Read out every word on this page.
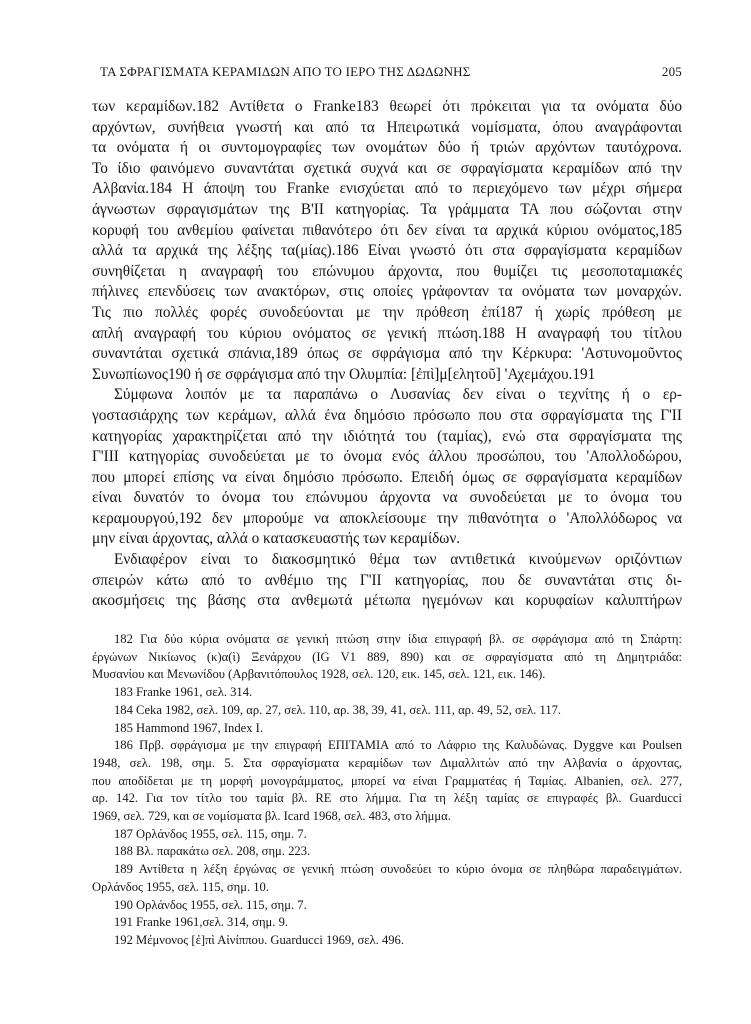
ΤΑ ΣΦΡΑΓΙΣΜΑΤΑ ΚΕΡΑΜΙΔΩΝ ΑΠΟ ΤΟ ΙΕΡΟ ΤΗΣ ΔΩΔΩΝΗΣ	205
των κεραμίδων.182 Αντίθετα ο Franke183 θεωρεί ότι πρόκειται για τα ονόματα δύο
αρχόντων, συνήθεια γνωστή και από τα Ηπειρωτικά νομίσματα, όπου αναγράφονται
τα ονόματα ή οι συντομογραφίες των ονομάτων δύο ή τριών αρχόντων ταυτόχρονα.
Το ίδιο φαινόμενο συναντάται σχετικά συχνά και σε σφραγίσματα κεραμίδων από την
Αλβανία.184 Η άποψη του Franke ενισχύεται από το περιεχόμενο των μέχρι σήμερα
άγνωστων σφραγισμάτων της Β'ΙΙ κατηγορίας. Τα γράμματα ΤΑ που σώζονται στην
κορυφή του ανθεμίου φαίνεται πιθανότερο ότι δεν είναι τα αρχικά κύριου ονόματος,185
αλλά τα αρχικά της λέξης τα(μίας).186 Είναι γνωστό ότι στα σφραγίσματα κεραμίδων
συνηθίζεται η αναγραφή του επώνυμου άρχοντα, που θυμίζει τις μεσοποταμιακές
πήλινες επενδύσεις των ανακτόρων, στις οποίες γράφονταν τα ονόματα των μοναρχών.
Τις πιο πολλές φορές συνοδεύονται με την πρόθεση ἐπί187 ή χωρίς πρόθεση με
απλή αναγραφή του κύριου ονόματος σε γενική πτώση.188 Η αναγραφή του τίτλου
συναντάται σχετικά σπάνια,189 όπως σε σφράγισμα από την Κέρκυρα: 'Αστυνομοῦντος
Συνωπίωνος190 ή σε σφράγισμα από την Ολυμπία: [ἐπὶ]μ[ελητοῦ] 'Αχεμάχου.191
Σύμφωνα λοιπόν με τα παραπάνω ο Λυσανίας δεν είναι ο τεχνίτης ή ο ερ-
γοστασιάρχης των κεράμων, αλλά ένα δημόσιο πρόσωπο που στα σφραγίσματα της Γ'ΙΙ
κατηγορίας χαρακτηρίζεται από την ιδιότητά του (ταμίας), ενώ στα σφραγίσματα της
Γ'ΙΙΙ κατηγορίας συνοδεύεται με το όνομα ενός άλλου προσώπου, του 'Απολλοδώρου,
που μπορεί επίσης να είναι δημόσιο πρόσωπο. Επειδή όμως σε σφραγίσματα κεραμίδων
είναι δυνατόν το όνομα του επώνυμου άρχοντα να συνοδεύεται με το όνομα του
κεραμουργού,192 δεν μπορούμε να αποκλείσουμε την πιθανότητα ο 'Απολλόδωρος να
μην είναι άρχοντας, αλλά ο κατασκευαστής των κεραμίδων.
Ενδιαφέρον είναι το διακοσμητικό θέμα των αντιθετικά κινούμενων οριζόντιων
σπειρών κάτω από το ανθέμιο της Γ'ΙΙ κατηγορίας, που δε συναντάται στις δι-
ακοσμήσεις της βάσης στα ανθεμωτά μέτωπα ηγεμόνων και κορυφαίων καλυπτήρων
182 Για δύο κύρια ονόματα σε γενική πτώση στην ίδια επιγραφή βλ. σε σφράγισμα από τη Σπάρτη:
ἐργώνων Νικίωνος (κ)α(ὶ) Ξενάρχου (IG V1 889, 890) και σε σφραγίσματα από τη Δημητριάδα:
Μυσανίου και Μενωνίδου (Αρβανιτόπουλος 1928, σελ. 120, εικ. 145, σελ. 121, εικ. 146).
183 Franke 1961, σελ. 314.
184 Ceka 1982, σελ. 109, αρ. 27, σελ. 110, αρ. 38, 39, 41, σελ. 111, αρ. 49, 52, σελ. 117.
185 Hammond 1967, Index I.
186 Πρβ. σφράγισμα με την επιγραφή ΕΠΙΤΑΜΙΑ από το Λάφριο της Καλυδώνας. Dyggve και Poulsen
1948, σελ. 198, σημ. 5. Στα σφραγίσματα κεραμίδων των Διμαλλιτών από την Αλβανία ο άρχοντας,
που αποδίδεται με τη μορφή μονογράμματος, μπορεί να είναι Γραμματέας ή Ταμίας. Albanien, σελ. 277,
αρ. 142. Για τον τίτλο του ταμία βλ. RE στο λήμμα. Για τη λέξη ταμίας σε επιγραφές βλ. Guarducci
1969, σελ. 729, και σε νομίσματα βλ. Icard 1968, σελ. 483, στο λήμμα.
187 Ορλάνδος 1955, σελ. 115, σημ. 7.
188 Βλ. παρακάτω σελ. 208, σημ. 223.
189 Αντίθετα η λέξη ἐργώνας σε γενική πτώση συνοδεύει το κύριο όνομα σε πληθώρα παραδειγμάτων.
Ορλάνδος 1955, σελ. 115, σημ. 10.
190 Ορλάνδος 1955, σελ. 115, σημ. 7.
191 Franke 1961,σελ. 314, σημ. 9.
192 Μέμνονος [ἐ]πὶ Αἰνίππου. Guarducci 1969, σελ. 496.
